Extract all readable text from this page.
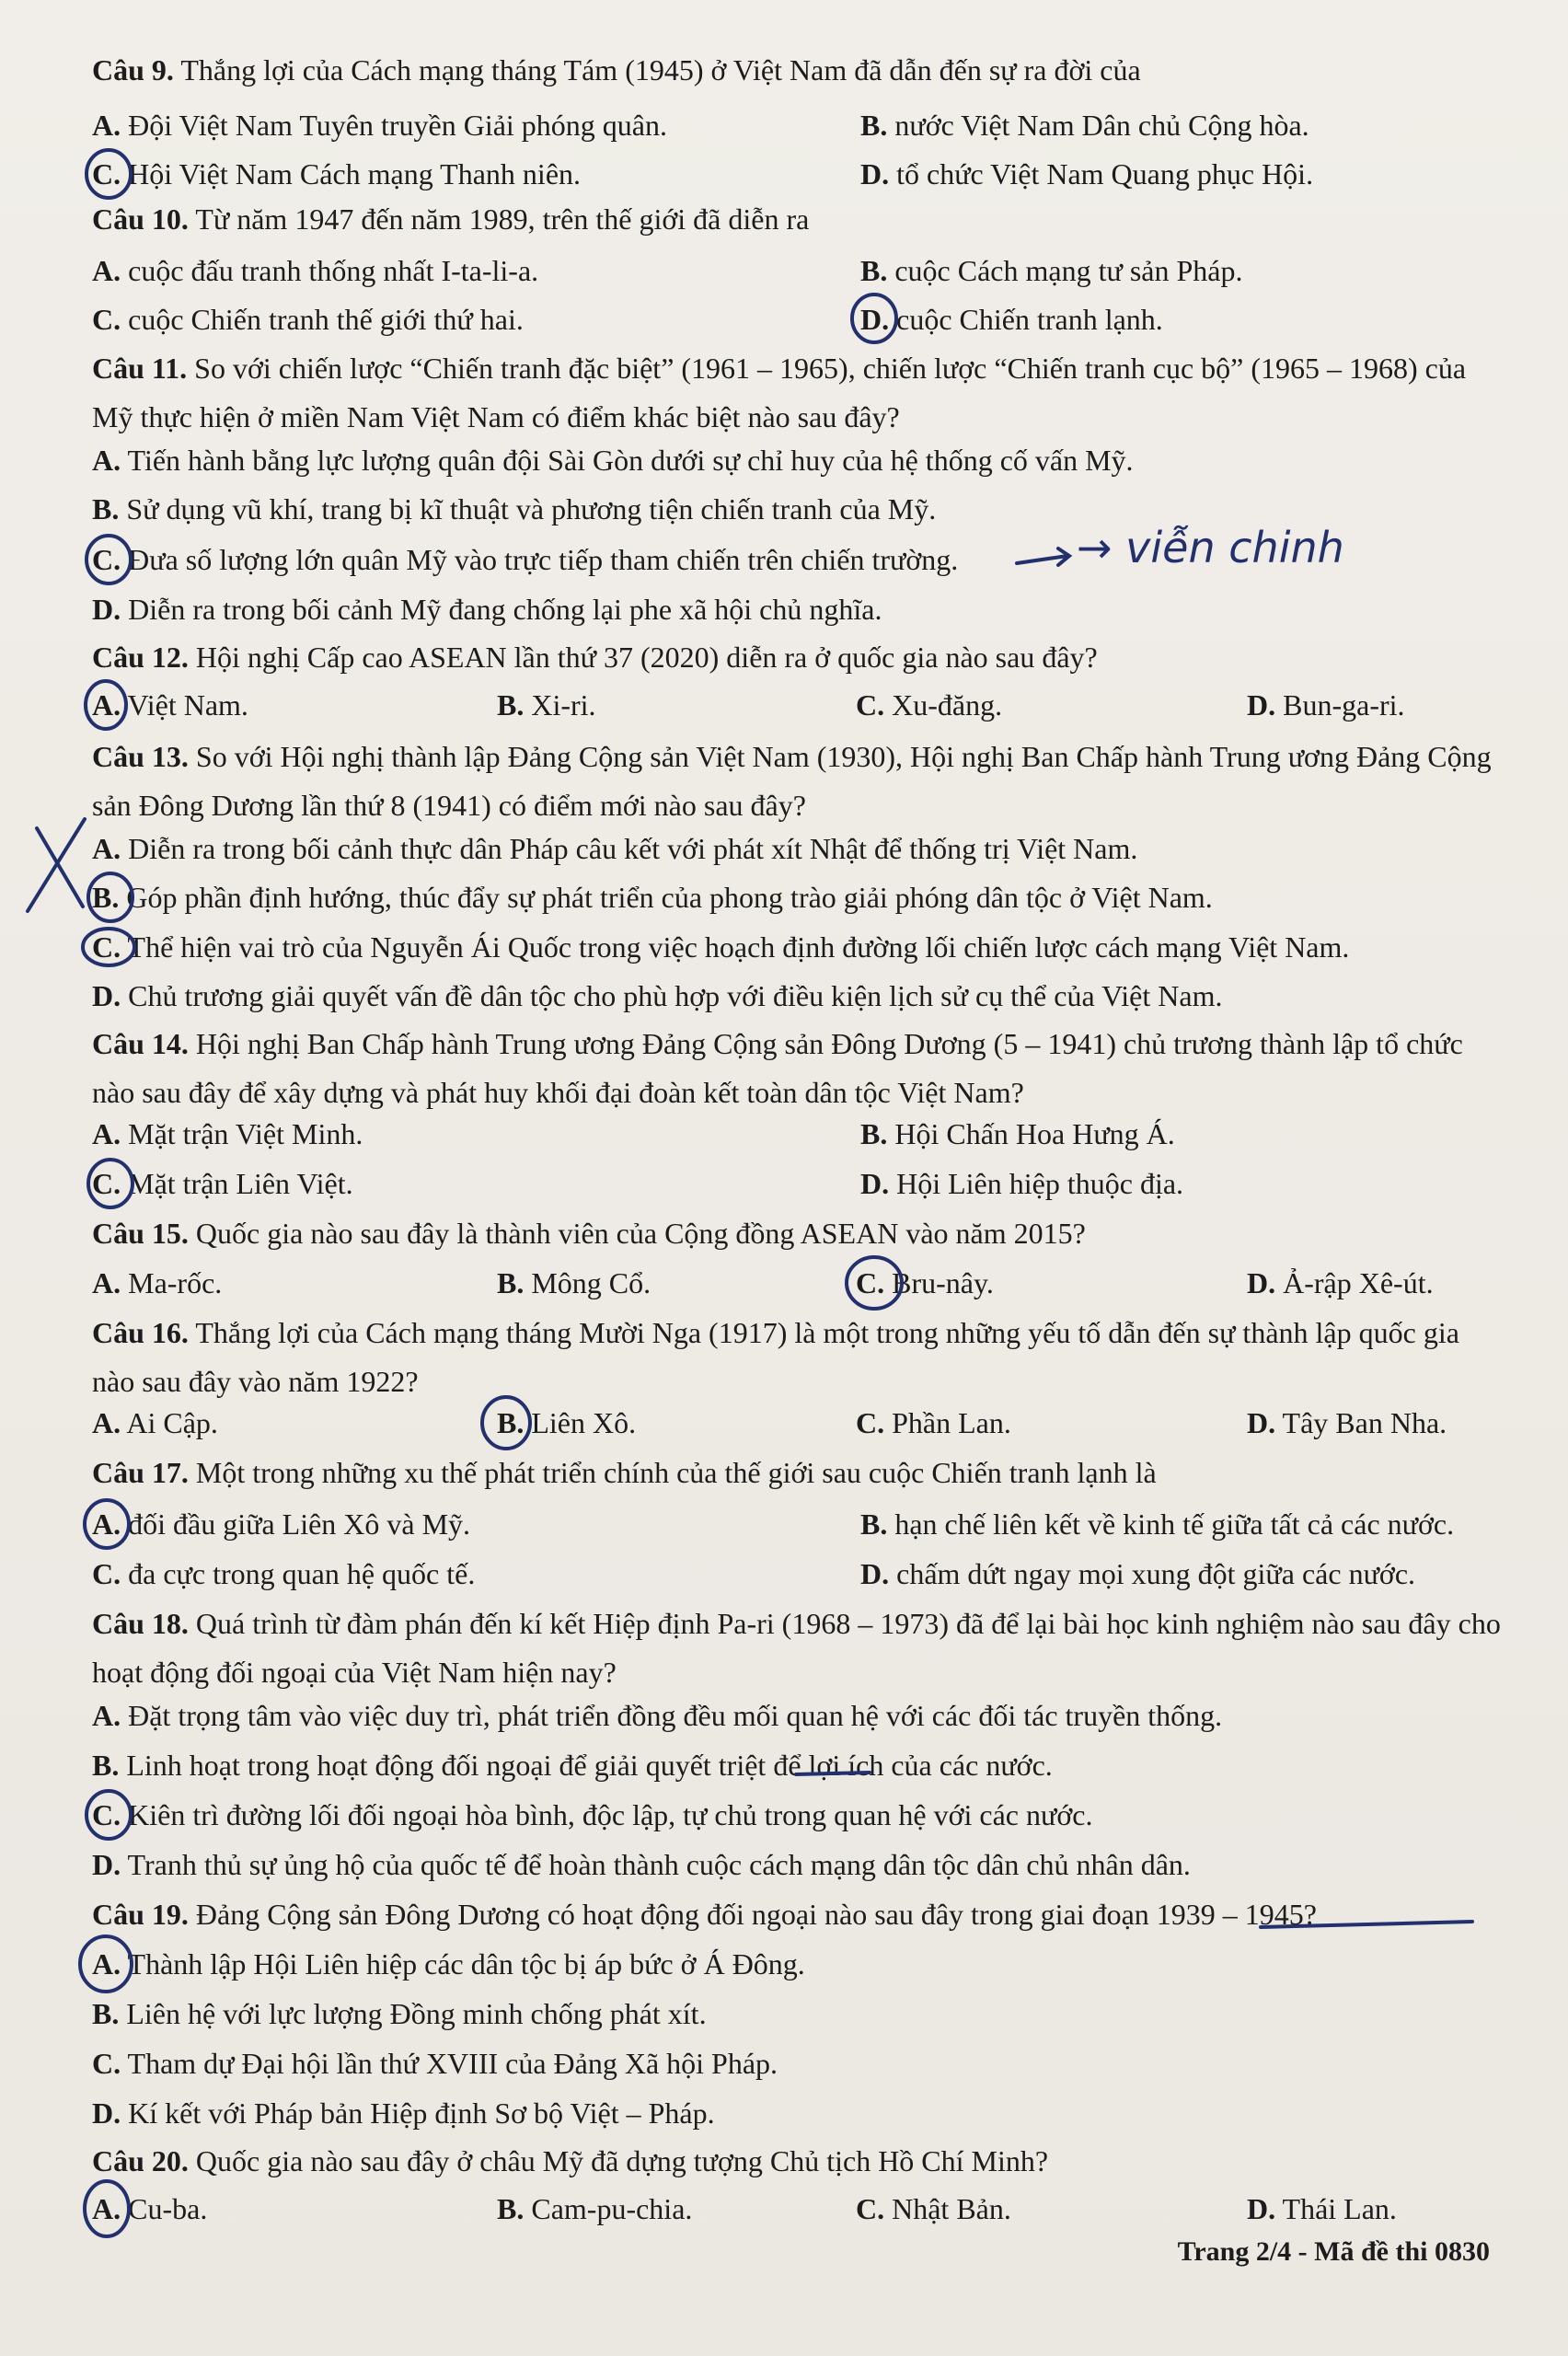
Câu 9. Thắng lợi của Cách mạng tháng Tám (1945) ở Việt Nam đã dẫn đến sự ra đời của
A. Đội Việt Nam Tuyên truyền Giải phóng quân.	B. nước Việt Nam Dân chủ Cộng hòa.
C. Hội Việt Nam Cách mạng Thanh niên.	D. tổ chức Việt Nam Quang phục Hội.
Câu 10. Từ năm 1947 đến năm 1989, trên thế giới đã diễn ra
A. cuộc đấu tranh thống nhất I-ta-li-a.	B. cuộc Cách mạng tư sản Pháp.
C. cuộc Chiến tranh thế giới thứ hai.	D. cuộc Chiến tranh lạnh.
Câu 11. So với chiến lược “Chiến tranh đặc biệt” (1961 – 1965), chiến lược “Chiến tranh cục bộ” (1965 – 1968) của Mỹ thực hiện ở miền Nam Việt Nam có điểm khác biệt nào sau đây?
A. Tiến hành bằng lực lượng quân đội Sài Gòn dưới sự chỉ huy của hệ thống cố vấn Mỹ.
B. Sử dụng vũ khí, trang bị kĩ thuật và phương tiện chiến tranh của Mỹ.
C. Đưa số lượng lớn quân Mỹ vào trực tiếp tham chiến trên chiến trường.	→ viễn chinh
D. Diễn ra trong bối cảnh Mỹ đang chống lại phe xã hội chủ nghĩa.
Câu 12. Hội nghị Cấp cao ASEAN lần thứ 37 (2020) diễn ra ở quốc gia nào sau đây?
A. Việt Nam.	B. Xi-ri.	C. Xu-đăng.	D. Bun-ga-ri.
Câu 13. So với Hội nghị thành lập Đảng Cộng sản Việt Nam (1930), Hội nghị Ban Chấp hành Trung ương Đảng Cộng sản Đông Dương lần thứ 8 (1941) có điểm mới nào sau đây?
A. Diễn ra trong bối cảnh thực dân Pháp câu kết với phát xít Nhật để thống trị Việt Nam.
B. Góp phần định hướng, thúc đẩy sự phát triển của phong trào giải phóng dân tộc ở Việt Nam.
C. Thể hiện vai trò của Nguyễn Ái Quốc trong việc hoạch định đường lối chiến lược cách mạng Việt Nam.
D. Chủ trương giải quyết vấn đề dân tộc cho phù hợp với điều kiện lịch sử cụ thể của Việt Nam.
Câu 14. Hội nghị Ban Chấp hành Trung ương Đảng Cộng sản Đông Dương (5 – 1941) chủ trương thành lập tổ chức nào sau đây để xây dựng và phát huy khối đại đoàn kết toàn dân tộc Việt Nam?
A. Mặt trận Việt Minh.	B. Hội Chấn Hoa Hưng Á.
C. Mặt trận Liên Việt.	D. Hội Liên hiệp thuộc địa.
Câu 15. Quốc gia nào sau đây là thành viên của Cộng đồng ASEAN vào năm 2015?
A. Ma-rốc.	B. Mông Cổ.	C. Bru-nây.	D. Ả-rập Xê-út.
Câu 16. Thắng lợi của Cách mạng tháng Mười Nga (1917) là một trong những yếu tố dẫn đến sự thành lập quốc gia nào sau đây vào năm 1922?
A. Ai Cập.	B. Liên Xô.	C. Phần Lan.	D. Tây Ban Nha.
Câu 17. Một trong những xu thế phát triển chính của thế giới sau cuộc Chiến tranh lạnh là
A. đối đầu giữa Liên Xô và Mỹ.	B. hạn chế liên kết về kinh tế giữa tất cả các nước.
C. đa cực trong quan hệ quốc tế.	D. chấm dứt ngay mọi xung đột giữa các nước.
Câu 18. Quá trình từ đàm phán đến kí kết Hiệp định Pa-ri (1968 – 1973) đã để lại bài học kinh nghiệm nào sau đây cho hoạt động đối ngoại của Việt Nam hiện nay?
A. Đặt trọng tâm vào việc duy trì, phát triển đồng đều mối quan hệ với các đối tác truyền thống.
B. Linh hoạt trong hoạt động đối ngoại để giải quyết triệt để lợi ích của các nước.
C. Kiên trì đường lối đối ngoại hòa bình, độc lập, tự chủ trong quan hệ với các nước.
D. Tranh thủ sự ủng hộ của quốc tế để hoàn thành cuộc cách mạng dân tộc dân chủ nhân dân.
Câu 19. Đảng Cộng sản Đông Dương có hoạt động đối ngoại nào sau đây trong giai đoạn 1939 – 1945?
A. Thành lập Hội Liên hiệp các dân tộc bị áp bức ở Á Đông.
B. Liên hệ với lực lượng Đồng minh chống phát xít.
C. Tham dự Đại hội lần thứ XVIII của Đảng Xã hội Pháp.
D. Kí kết với Pháp bản Hiệp định Sơ bộ Việt – Pháp.
Câu 20. Quốc gia nào sau đây ở châu Mỹ đã dựng tượng Chủ tịch Hồ Chí Minh?
A. Cu-ba.	B. Cam-pu-chia.	C. Nhật Bản.	D. Thái Lan.
Trang 2/4 - Mã đề thi 0830
